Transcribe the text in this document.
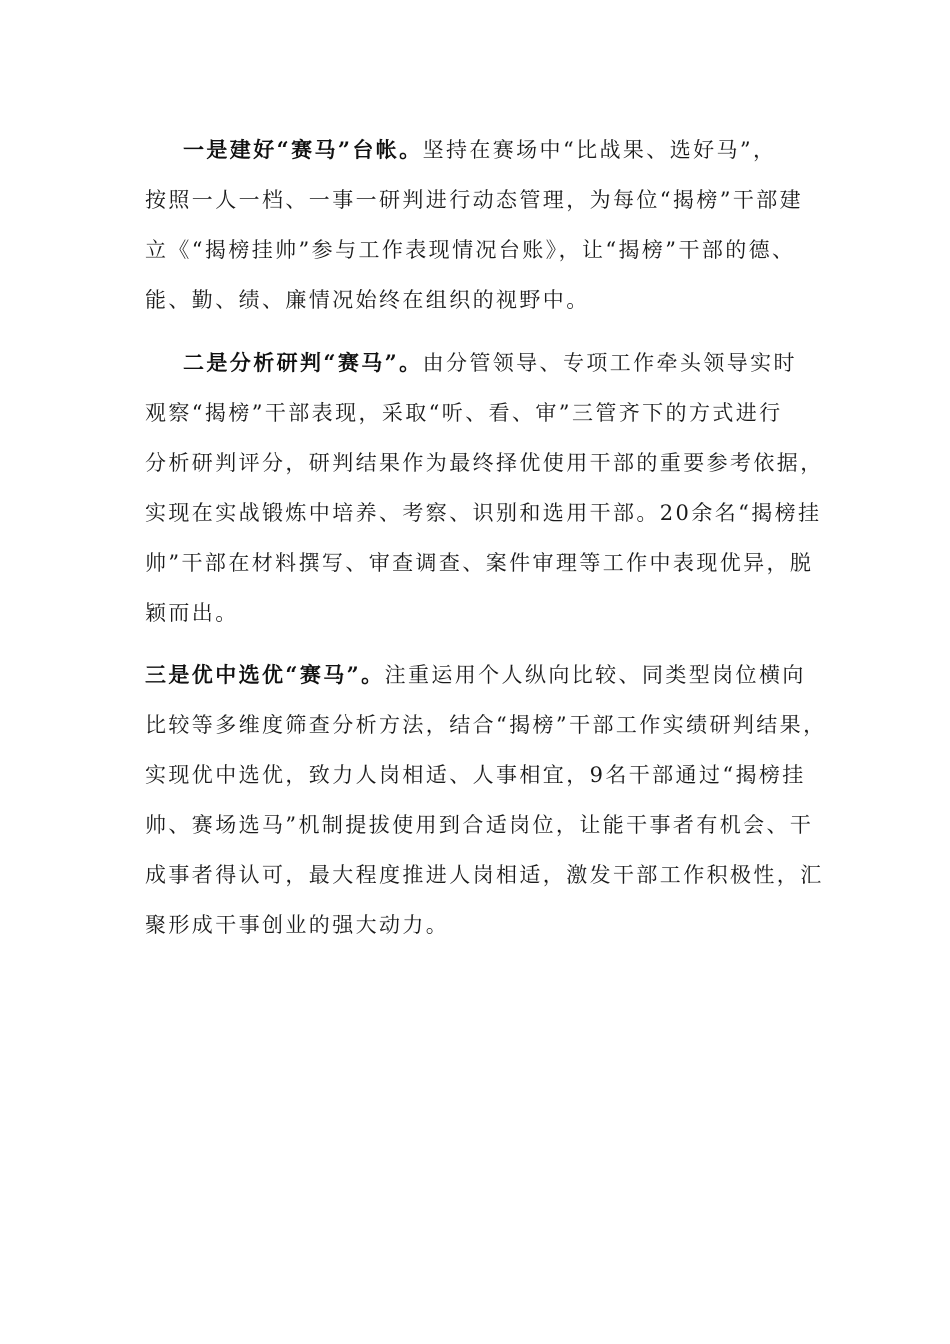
一是建好“赛马”台帐。坚持在赛场中“比战果、选好马”，
按照一人一档、一事一研判进行动态管理，为每位“揭榜”干部建
立《“揭榜挂帅”参与工作表现情况台账》，让“揭榜”干部的德、
能、勤、绩、廉情况始终在组织的视野中。
二是分析研判“赛马”。由分管领导、专项工作牵头领导实时
观察“揭榜”干部表现，采取“听、看、审”三管齐下的方式进行
分析研判评分，研判结果作为最终择优使用干部的重要参考依据，
实现在实战锻炼中培养、考察、识别和选用干部。20余名“揭榜挂
帅”干部在材料撰写、审查调查、案件审理等工作中表现优异，脱
颖而出。
三是优中选优“赛马”。注重运用个人纵向比较、同类型岗位横向
比较等多维度筛查分析方法，结合“揭榜”干部工作实绩研判结果，
实现优中选优，致力人岗相适、人事相宜，9名干部通过“揭榜挂
帅、赛场选马”机制提拔使用到合适岗位，让能干事者有机会、干
成事者得认可，最大程度推进人岗相适，激发干部工作积极性，汇
聚形成干事创业的强大动力。
